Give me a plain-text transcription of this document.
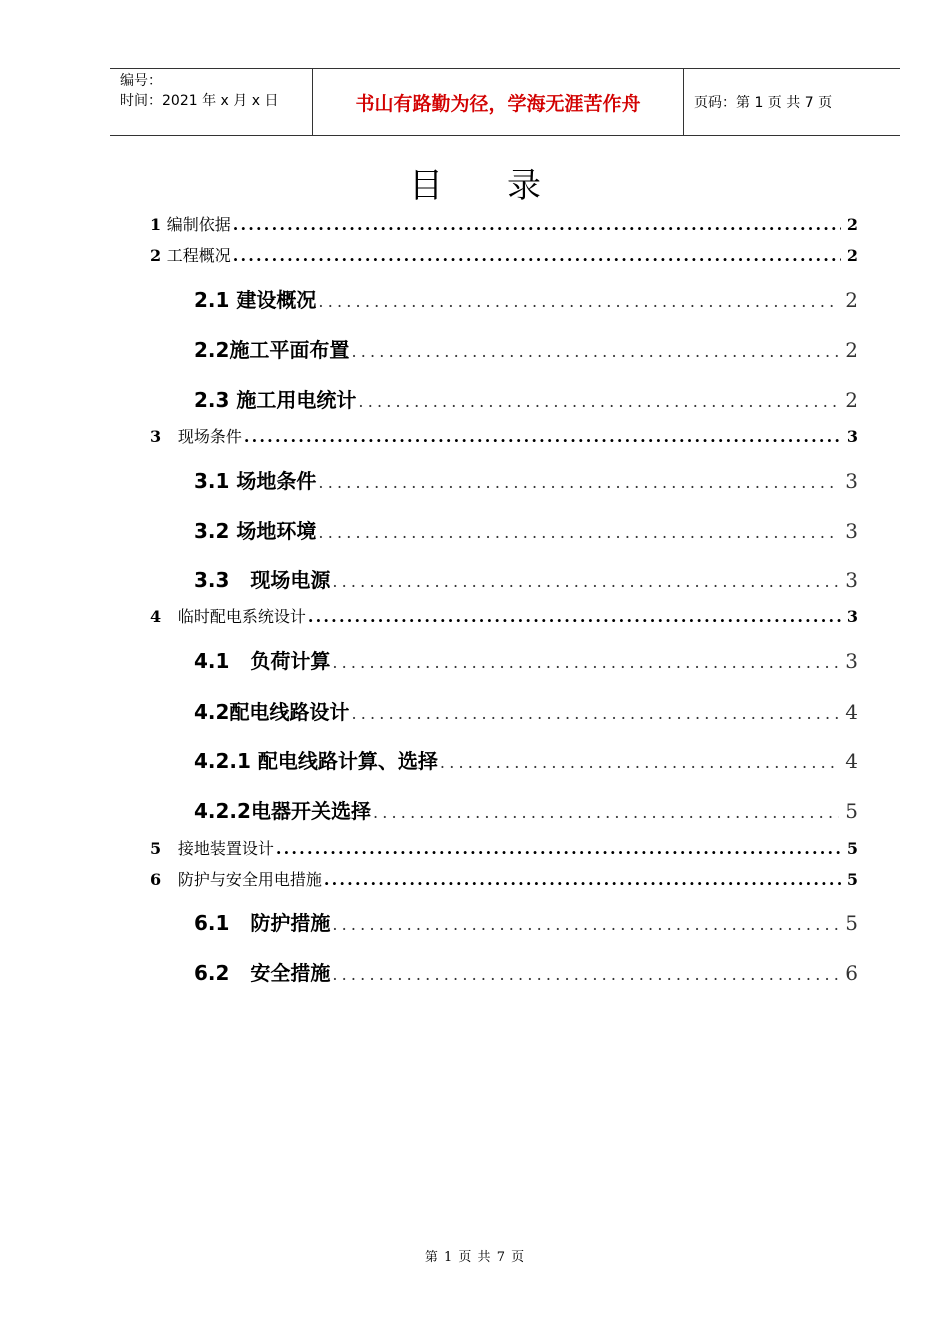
编号：
时间：2021 年 x 月 x 日	书山有路勤为径，学海无涯苦作舟	页码：第 1 页 共 7 页
目录
1 编制依据 .....	2
2 工程概况 .....	2
2.1 建设概况 .....	2
2.2 施工平面布置 .....	2
2.3 施工用电统计 .....	2
3 现场条件 .....	3
3.1 场地条件 .....	3
3.2 场地环境 .....	3
3.3 现场电源 .....	3
4 临时配电系统设计 .....	3
4.1 负荷计算 .....	3
4.2 配电线路设计 .....	4
4.2.1 配电线路计算、选择 .....	4
4.2.2 电器开关选择 .....	5
5 接地装置设计 .....	5
6 防护与安全用电措施 .....	5
6.1 防护措施 .....	5
6.2 安全措施 .....	6
第 1 页 共 7 页
